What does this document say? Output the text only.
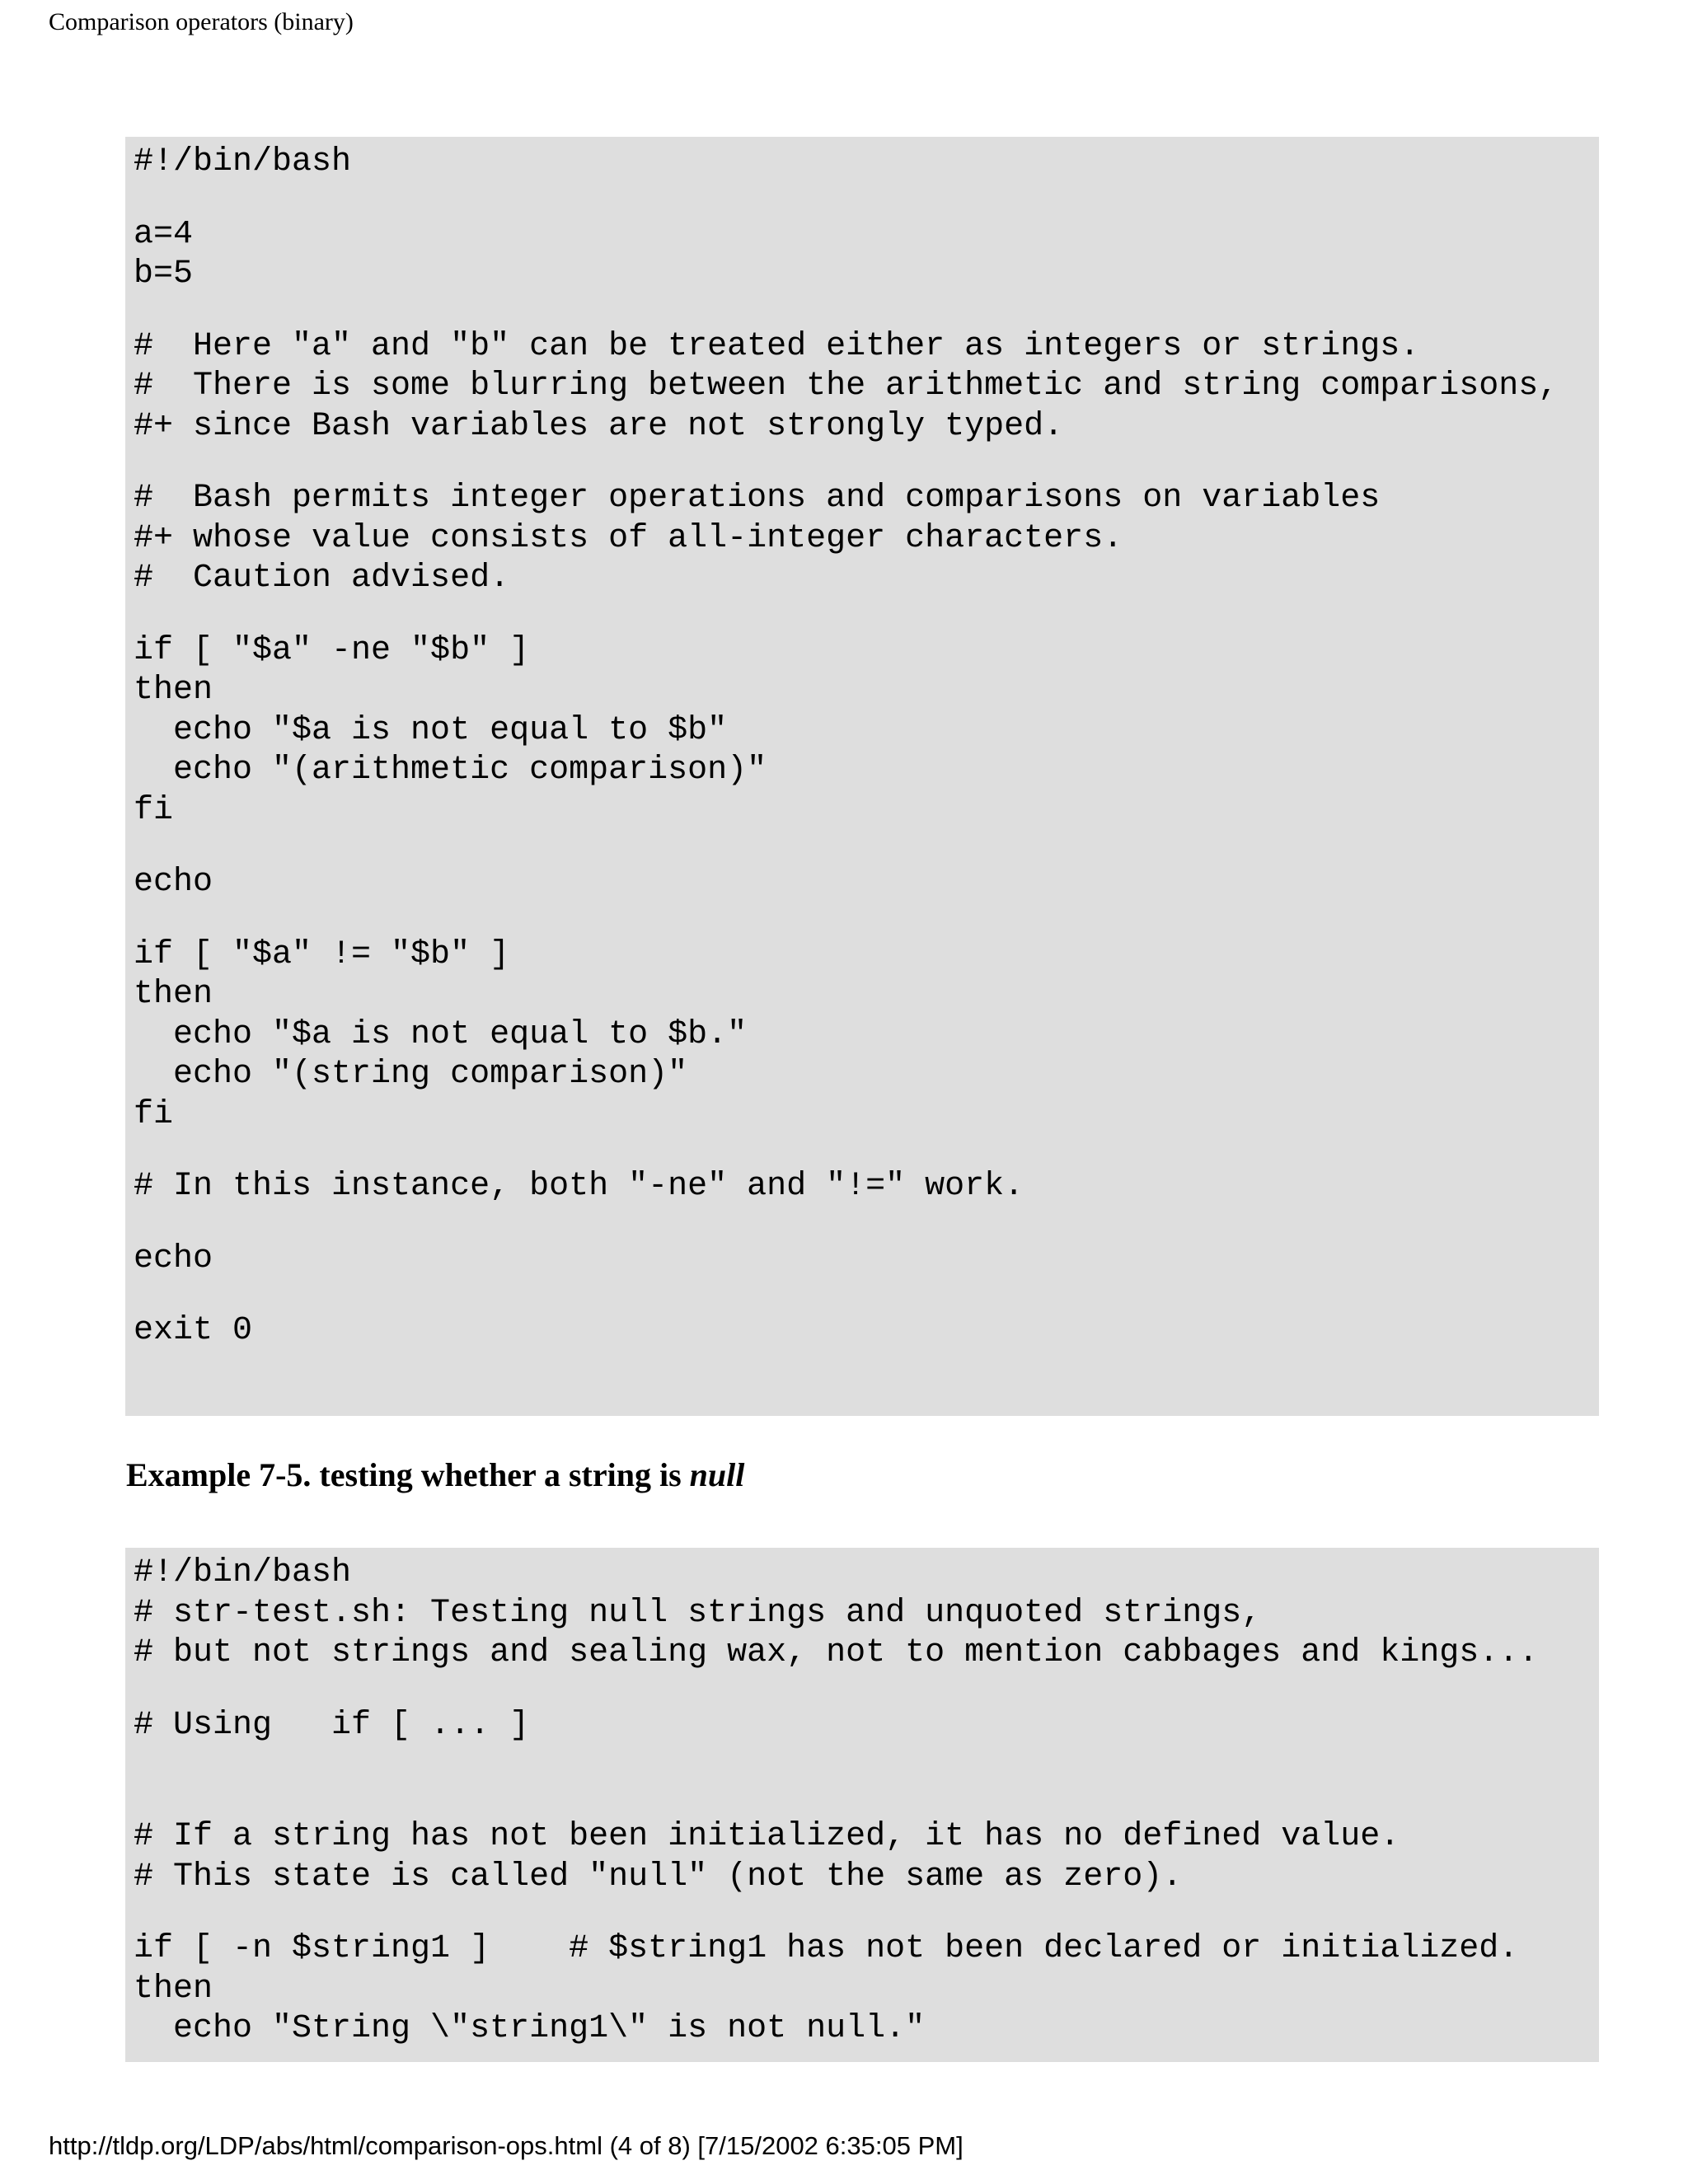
Comparison operators (binary)
#!/bin/bash
a=4
b=5
#  Here "a" and "b" can be treated either as integers or strings.
#  There is some blurring between the arithmetic and string comparisons,
#+ since Bash variables are not strongly typed.
#  Bash permits integer operations and comparisons on variables
#+ whose value consists of all-integer characters.
#  Caution advised.
if [ "$a" -ne "$b" ]
then
echo "$a is not equal to $b"
echo "(arithmetic comparison)"
fi
echo
if [ "$a" != "$b" ]
then
echo "$a is not equal to $b."
echo "(string comparison)"
fi
# In this instance, both "-ne" and "!=" work.
echo
exit 0
Example 7-5. testing whether a string is null
#!/bin/bash
# str-test.sh: Testing null strings and unquoted strings,
# but not strings and sealing wax, not to mention cabbages and kings...
# Using   if [ ... ]
# If a string has not been initialized, it has no defined value.
# This state is called "null" (not the same as zero).
if [ -n $string1 ]    # $string1 has not been declared or initialized.
then
echo "String \"string1\" is not null."
http://tldp.org/LDP/abs/html/comparison-ops.html (4 of 8) [7/15/2002 6:35:05 PM]
